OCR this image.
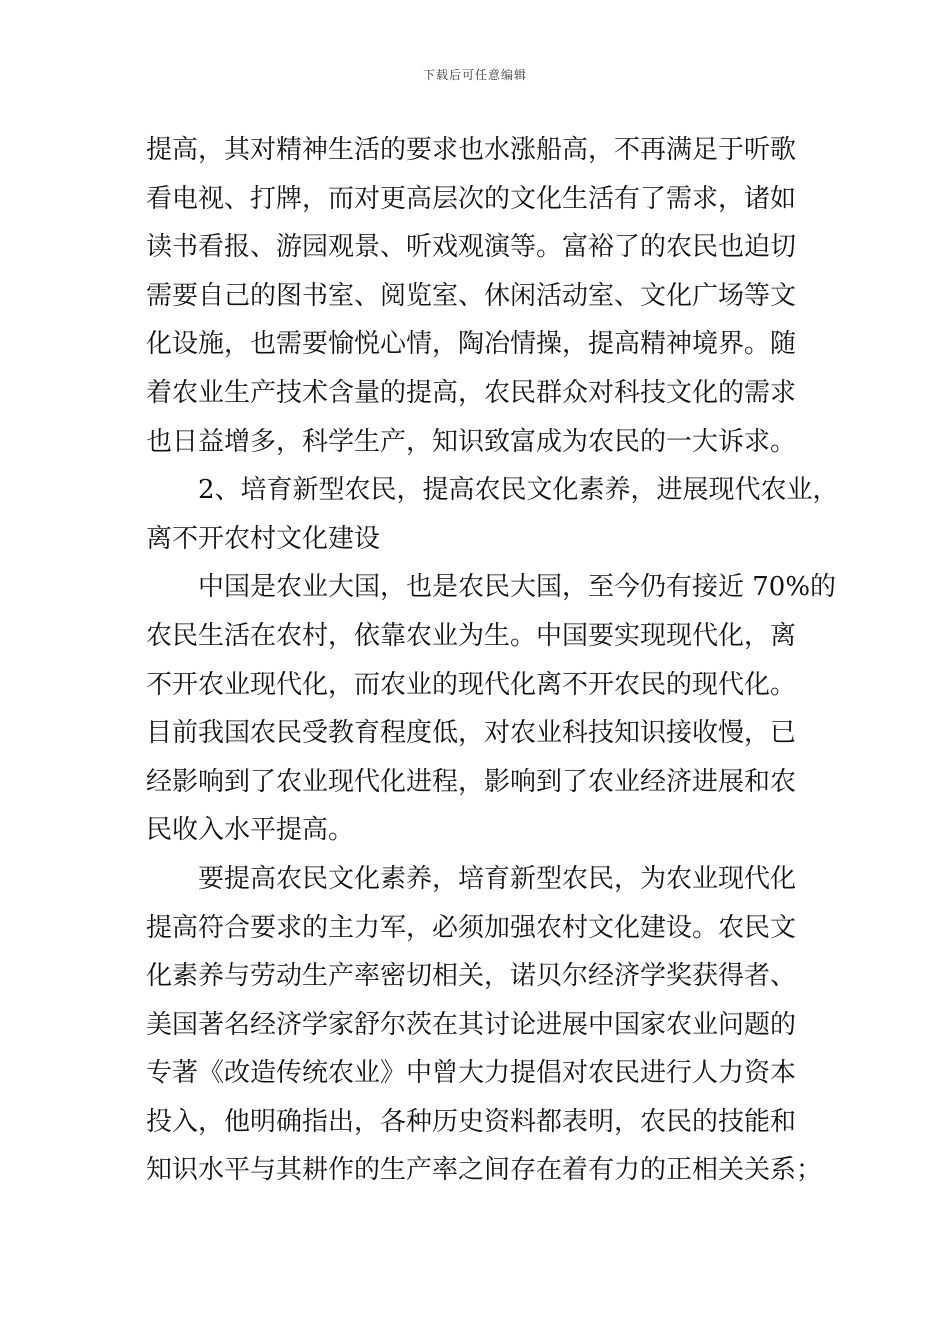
下载后可任意编辑
提高，其对精神生活的要求也水涨船高，不再满足于听歌
看电视、打牌，而对更高层次的文化生活有了需求，诸如
读书看报、游园观景、听戏观演等。富裕了的农民也迫切
需要自己的图书室、阅览室、休闲活动室、文化广场等文
化设施，也需要愉悦心情，陶冶情操，提高精神境界。随
着农业生产技术含量的提高，农民群众对科技文化的需求
也日益增多，科学生产，知识致富成为农民的一大诉求。
2、培育新型农民，提高农民文化素养，进展现代农业，
离不开农村文化建设
中国是农业大国，也是农民大国，至今仍有接近 70%的
农民生活在农村，依靠农业为生。中国要实现现代化，离
不开农业现代化，而农业的现代化离不开农民的现代化。
目前我国农民受教育程度低，对农业科技知识接收慢，已
经影响到了农业现代化进程，影响到了农业经济进展和农
民收入水平提高。
要提高农民文化素养，培育新型农民，为农业现代化
提高符合要求的主力军，必须加强农村文化建设。农民文
化素养与劳动生产率密切相关，诺贝尔经济学奖获得者、
美国著名经济学家舒尔茨在其讨论进展中国家农业问题的
专著《改造传统农业》中曾大力提倡对农民进行人力资本
投入，他明确指出，各种历史资料都表明，农民的技能和
知识水平与其耕作的生产率之间存在着有力的正相关关系；
